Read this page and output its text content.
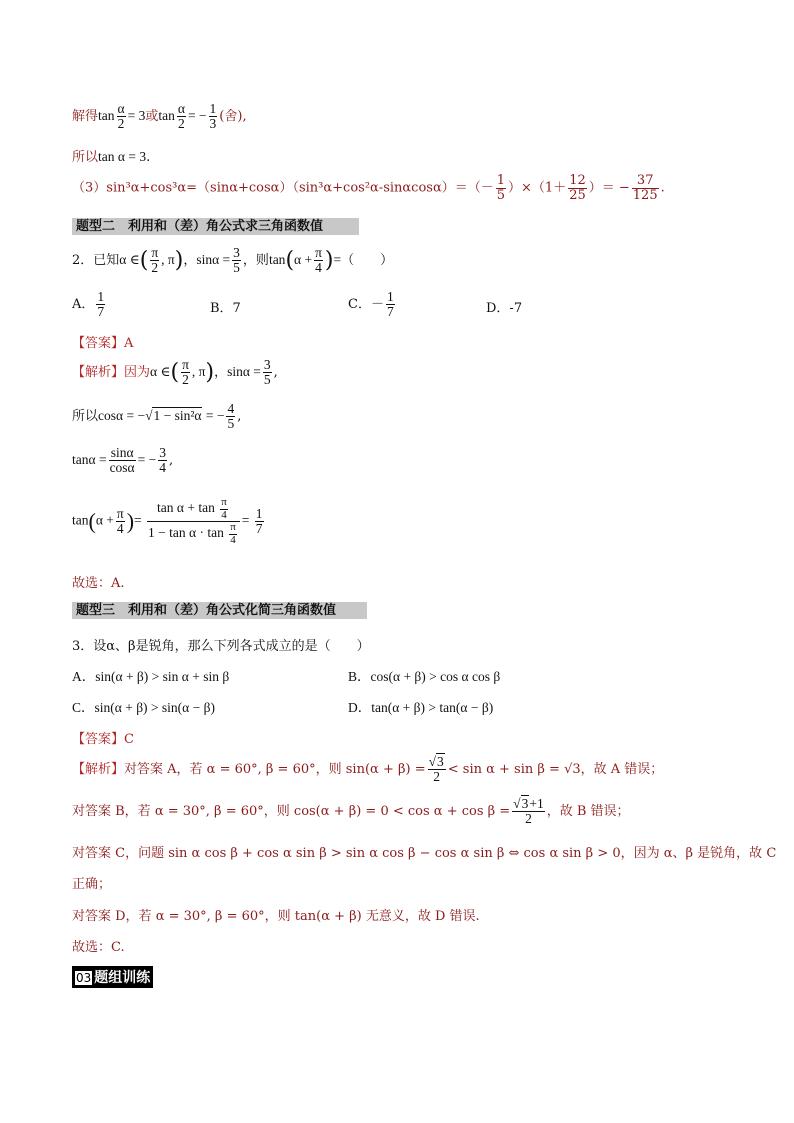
解得$\tan \frac{\alpha}{2} = 3$或$\tan \frac{\alpha}{2}$ = − $\frac{1}{3}$ (舍),
所以tan α = 3.
$(3)\sin^3\alpha+\cos^3\alpha=(\sin\alpha+\cos\alpha)(\sin^3\alpha+\cos^2\alpha-\sin\alpha\cos\alpha)=(- \frac{1}{5} )\times(1+ \frac{12}{25}$ ）＝ − $\frac{37}{125}$ .
题型二　利用和（差）角公式求三角函数值
2．已知α ∈( $\frac{\pi}{2}$ , π)，$\sin\alpha = \frac{3}{5}$ ，则$\tan(\alpha + \frac{\pi}{4}$ )=（　　）
A． $\frac{1}{7}$	B．7	C．－ $\frac{1}{7}$	D．-7
【答案】A
【解析】因为α ∈( $\frac{\pi}{2}$ , π)，$\sin\alpha = \frac{3}{5}$ ,
所以cosα = −√1 − sin²α = − $\frac{4}{5}$ ,
$\tan\alpha = \frac{\sin\alpha}{\cos\alpha}$ = − $\frac{3}{4}$ ,
$\tan(\alpha + \frac{\pi}{4}$ )= $\frac{\tan \alpha + \tan \frac{\pi}{4}}{1 - \tan \alpha \cdot \tan \frac{\pi}{4}} = \frac{1}{7}$
故选：A.
题型三　利用和（差）角公式化简三角函数值
3．设α、β是锐角，那么下列各式成立的是（　　）
A．sin(α + β) > sin α + sin β	B．cos(α + β) > cos α cos β
C．sin(α + β) > sin(α − β)	D．tan(α + β) > tan(α − β)
【答案】C
【解析】对答案 A，若 α = 60°, β = 60°，则 $\sin(\alpha + \beta) = \frac{√3}{2} < \sin \alpha + \sin \beta = √3$，故 A 错误；
对答案 B，若 α = 30°, β = 60°，则 $\cos(\alpha + \beta) = 0 < \cos \alpha + \cos \beta = \frac{√3+1}{2}$ ，故 B 错误；
对答案 C，问题 sin α cos β + cos α sin β > sin α cos β − cos α sin β ⇔ cos α sin β > 0，因为 α、β 是锐角，故 C
正确；
对答案 D，若 α = 30°, β = 60°，则 tan(α + β) 无意义，故 D 错误.
故选：C.
03 题组训练
